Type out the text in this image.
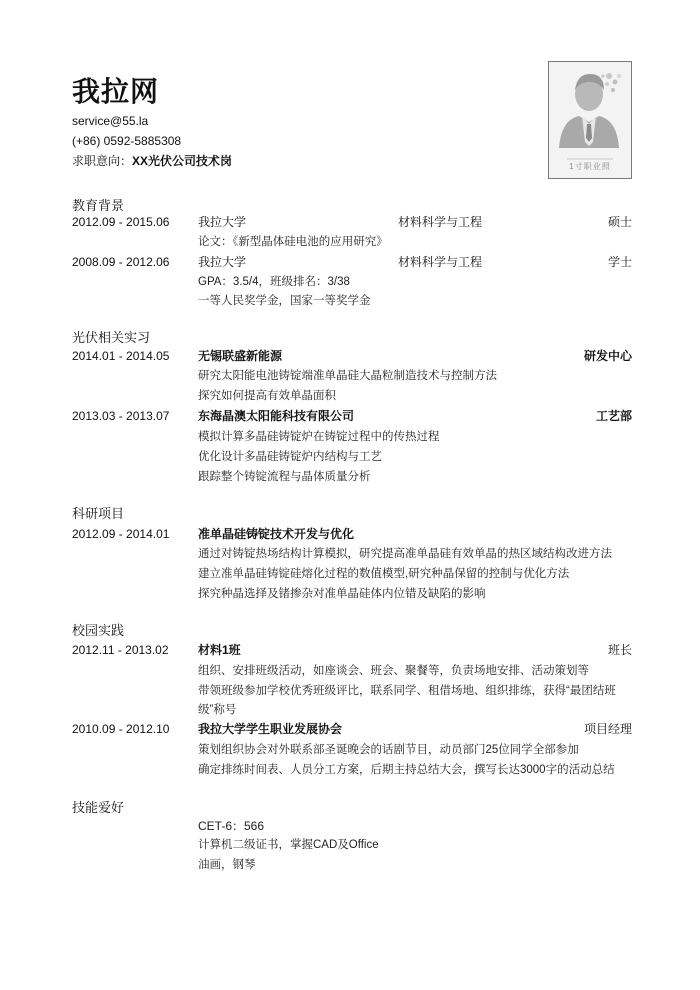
我拉网
service@55.la
(+86) 0592-5885308
求职意向：XX光伏公司技术岗	1寸职业照
教育背景
2012.09 - 2015.06 我拉大学	材料科学与工程	硕士
论文：《新型晶体硅电池的应用研究》
2008.09 - 2012.06 我拉大学	材料科学与工程	学士
GPA：3.5/4，班级排名：3/38
一等人民奖学金，国家一等奖学金
光伏相关实习
2014.01 - 2014.05 无锡联盛新能源	研发中心
研究太阳能电池铸锭端准单晶硅大晶粒制造技术与控制方法
探究如何提高有效单晶面积
2013.03 - 2013.07 东海晶澳太阳能科技有限公司	工艺部
模拟计算多晶硅铸锭炉在铸锭过程中的传热过程
优化设计多晶硅铸锭炉内结构与工艺
跟踪整个铸锭流程与晶体质量分析
科研项目
2012.09 - 2014.01 准单晶硅铸锭技术开发与优化
通过对铸锭热场结构计算模拟，研究提高准单晶硅有效单晶的热区域结构改进方法
建立准单晶硅铸锭硅熔化过程的数值模型,研究种晶保留的控制与优化方法
探究种晶选择及锗掺杂对准单晶硅体内位错及缺陷的影响
校园实践
2012.11 - 2013.02 材料1班	班长
组织、安排班级活动，如座谈会、班会、聚餐等，负责场地安排、活动策划等
带领班级参加学校优秀班级评比，联系同学、租借场地、组织排练，获得“最团结班
级”称号
2010.09 - 2012.10 我拉大学学生职业发展协会	项目经理
策划组织协会对外联系部圣诞晚会的话剧节目，动员部门25位同学全部参加
确定排练时间表、人员分工方案，后期主持总结大会，撰写长达3000字的活动总结
技能爱好
CET-6：566
计算机二级证书，掌握CAD及Office
油画，钢琴
